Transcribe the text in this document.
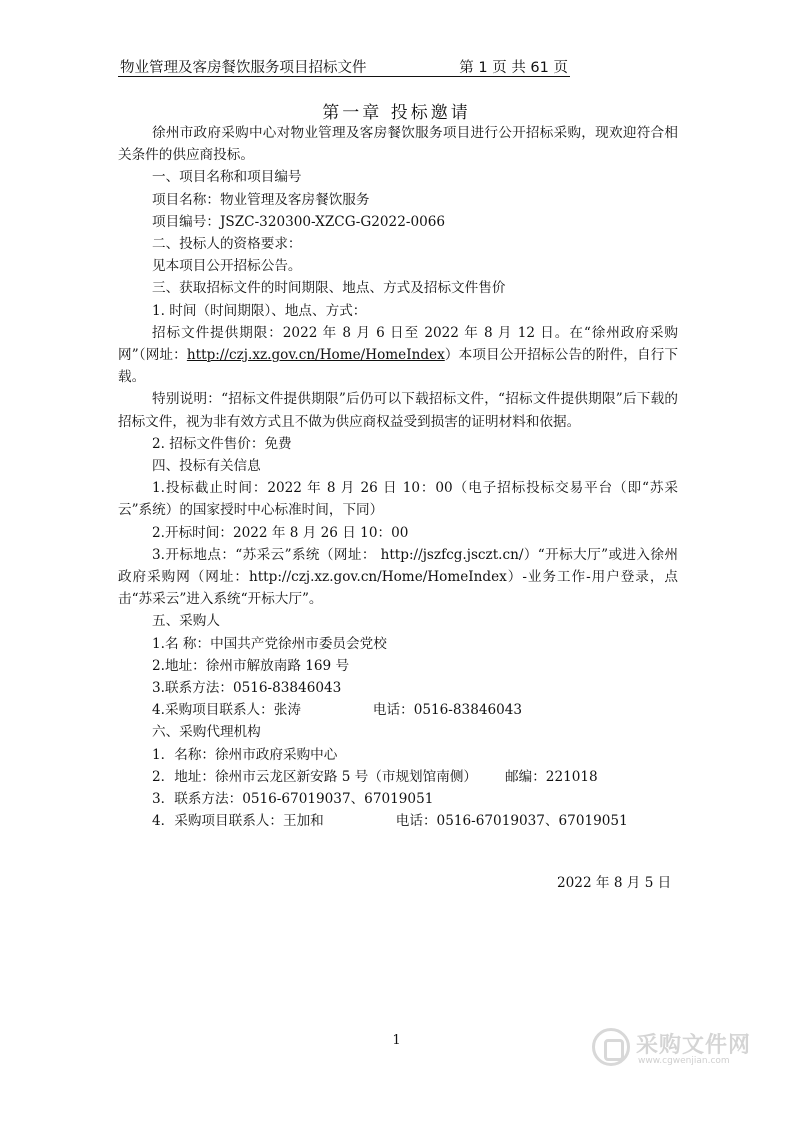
物业管理及客房餐饮服务项目招标文件	第 1 页 共 61 页
第一章 投标邀请

徐州市政府采购中心对物业管理及客房餐饮服务项目进行公开招标采购，现欢迎符合相关条件的供应商投标。

一、项目名称和项目编号

项目名称：物业管理及客房餐饮服务

项目编号：JSZC-320300-XZCG-G2022-0066

二、投标人的资格要求：

见本项目公开招标公告。

三、获取招标文件的时间期限、地点、方式及招标文件售价

1. 时间（时间期限）、地点、方式：

招标文件提供期限：2022 年 8 月 6 日至 2022 年 8 月 12 日。在“徐州政府采购网”（网址：http://czj.xz.gov.cn/Home/HomeIndex）本项目公开招标公告的附件，自行下载。

特别说明：“招标文件提供期限”后仍可以下载招标文件，“招标文件提供期限”后下载的招标文件，视为非有效方式且不做为供应商权益受到损害的证明材料和依据。

2. 招标文件售价：免费

四、投标有关信息

1.投标截止时间：2022 年 8 月 26 日 10：00（电子招标投标交易平台（即“苏采云”系统）的国家授时中心标准时间，下同）

2.开标时间：2022 年 8 月 26 日 10：00

3.开标地点：“苏采云”系统（网址： http://jszfcg.jsczt.cn/）“开标大厅”或进入徐州政府采购网（网址：http://czj.xz.gov.cn/Home/HomeIndex）-业务工作-用户登录，点击“苏采云”进入系统“开标大厅”。

五、采购人

1.名 称：中国共产党徐州市委员会党校

2.地址：徐州市解放南路 169 号

3.联系方法：0516-83846043

4.采购项目联系人：张涛	电话：0516-83846043

六、采购代理机构

1．名称：徐州市政府采购中心

2．地址：徐州市云龙区新安路 5 号（市规划馆南侧） 邮编：221018

3．联系方法：0516-67019037、67019051

4．采购项目联系人：王加和	电话：0516-67019037、67019051

2022 年 8 月 5 日
1	采购文件网
www.cgwenjian.com
